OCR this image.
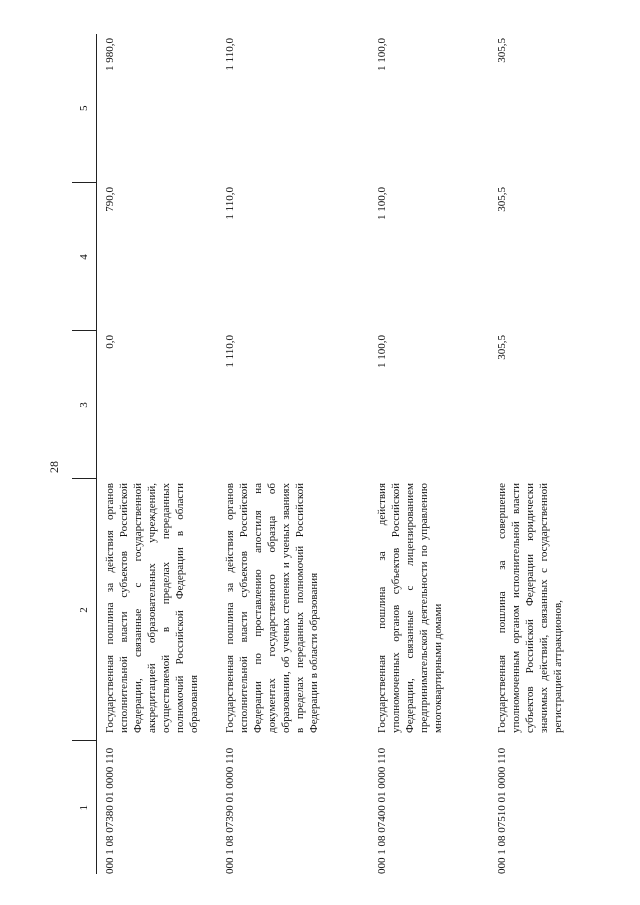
28
1	2	3	4	5
000 1 08 07380 01 0000 110	Государственная пошлина за действия органов исполнительной власти субъектов Российской Федерации, связанные с государственной аккредитацией образовательных учреждений, осуществляемой в пределах переданных полномочий Российской Федерации в области образования	0,0	790,0	1 980,0
000 1 08 07390 01 0000 110	Государственная пошлина за действия органов исполнительной власти субъектов Российской Федерации по проставлению апостиля на документах государственного образца об образовании, об ученых степенях и ученых званиях в пределах переданных полномочий Российской Федерации в области образования	1 110,0	1 110,0	1 110,0
000 1 08 07400 01 0000 110	Государственная пошлина за действия уполномоченных органов субъектов Российской Федерации, связанные с лицензированием предпринимательской деятельности по управлению многоквартирными домами	1 100,0	1 100,0	1 100,0
000 1 08 07510 01 0000 110	Государственная пошлина за совершение уполномоченным органом исполнительной власти субъектов Российской Федерации юридически значимых действий, связанных с государственной регистрацией аттракционов,	305,5	305,5	305,5
